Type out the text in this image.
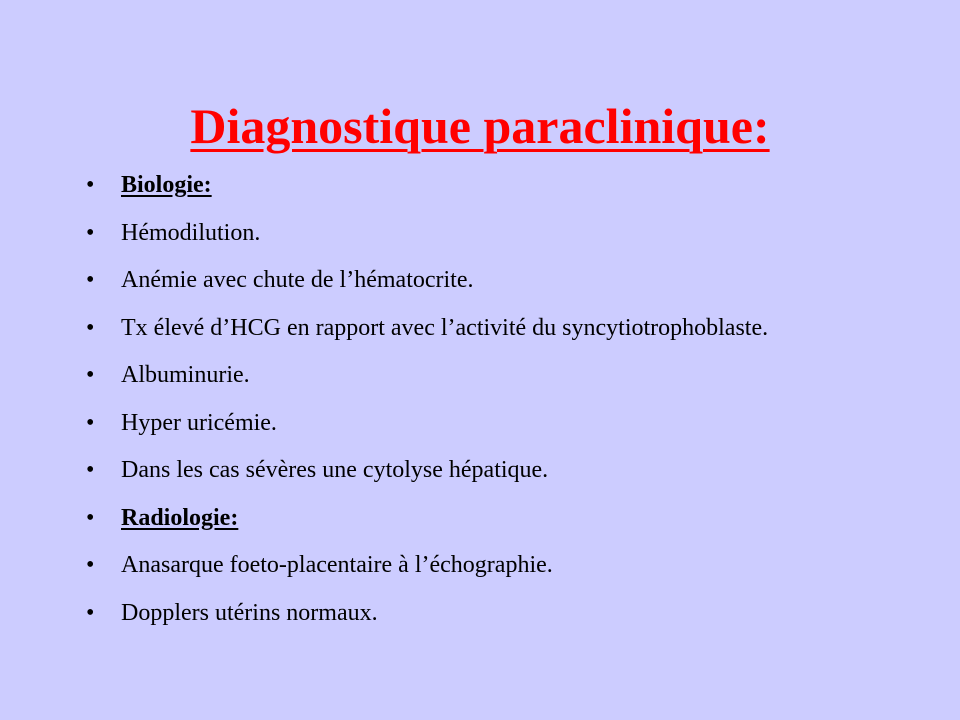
Diagnostique paraclinique:
•	Biologie:
•	Hémodilution.
•	Anémie avec chute de l’hématocrite.
•	Tx élevé d’HCG en rapport avec l’activité du syncytiotrophoblaste.
•	Albuminurie.
•	Hyper uricémie.
•	Dans les cas sévères une cytolyse hépatique.
•	Radiologie:
•	Anasarque foeto-placentaire à l’échographie.
•	Dopplers utérins normaux.
